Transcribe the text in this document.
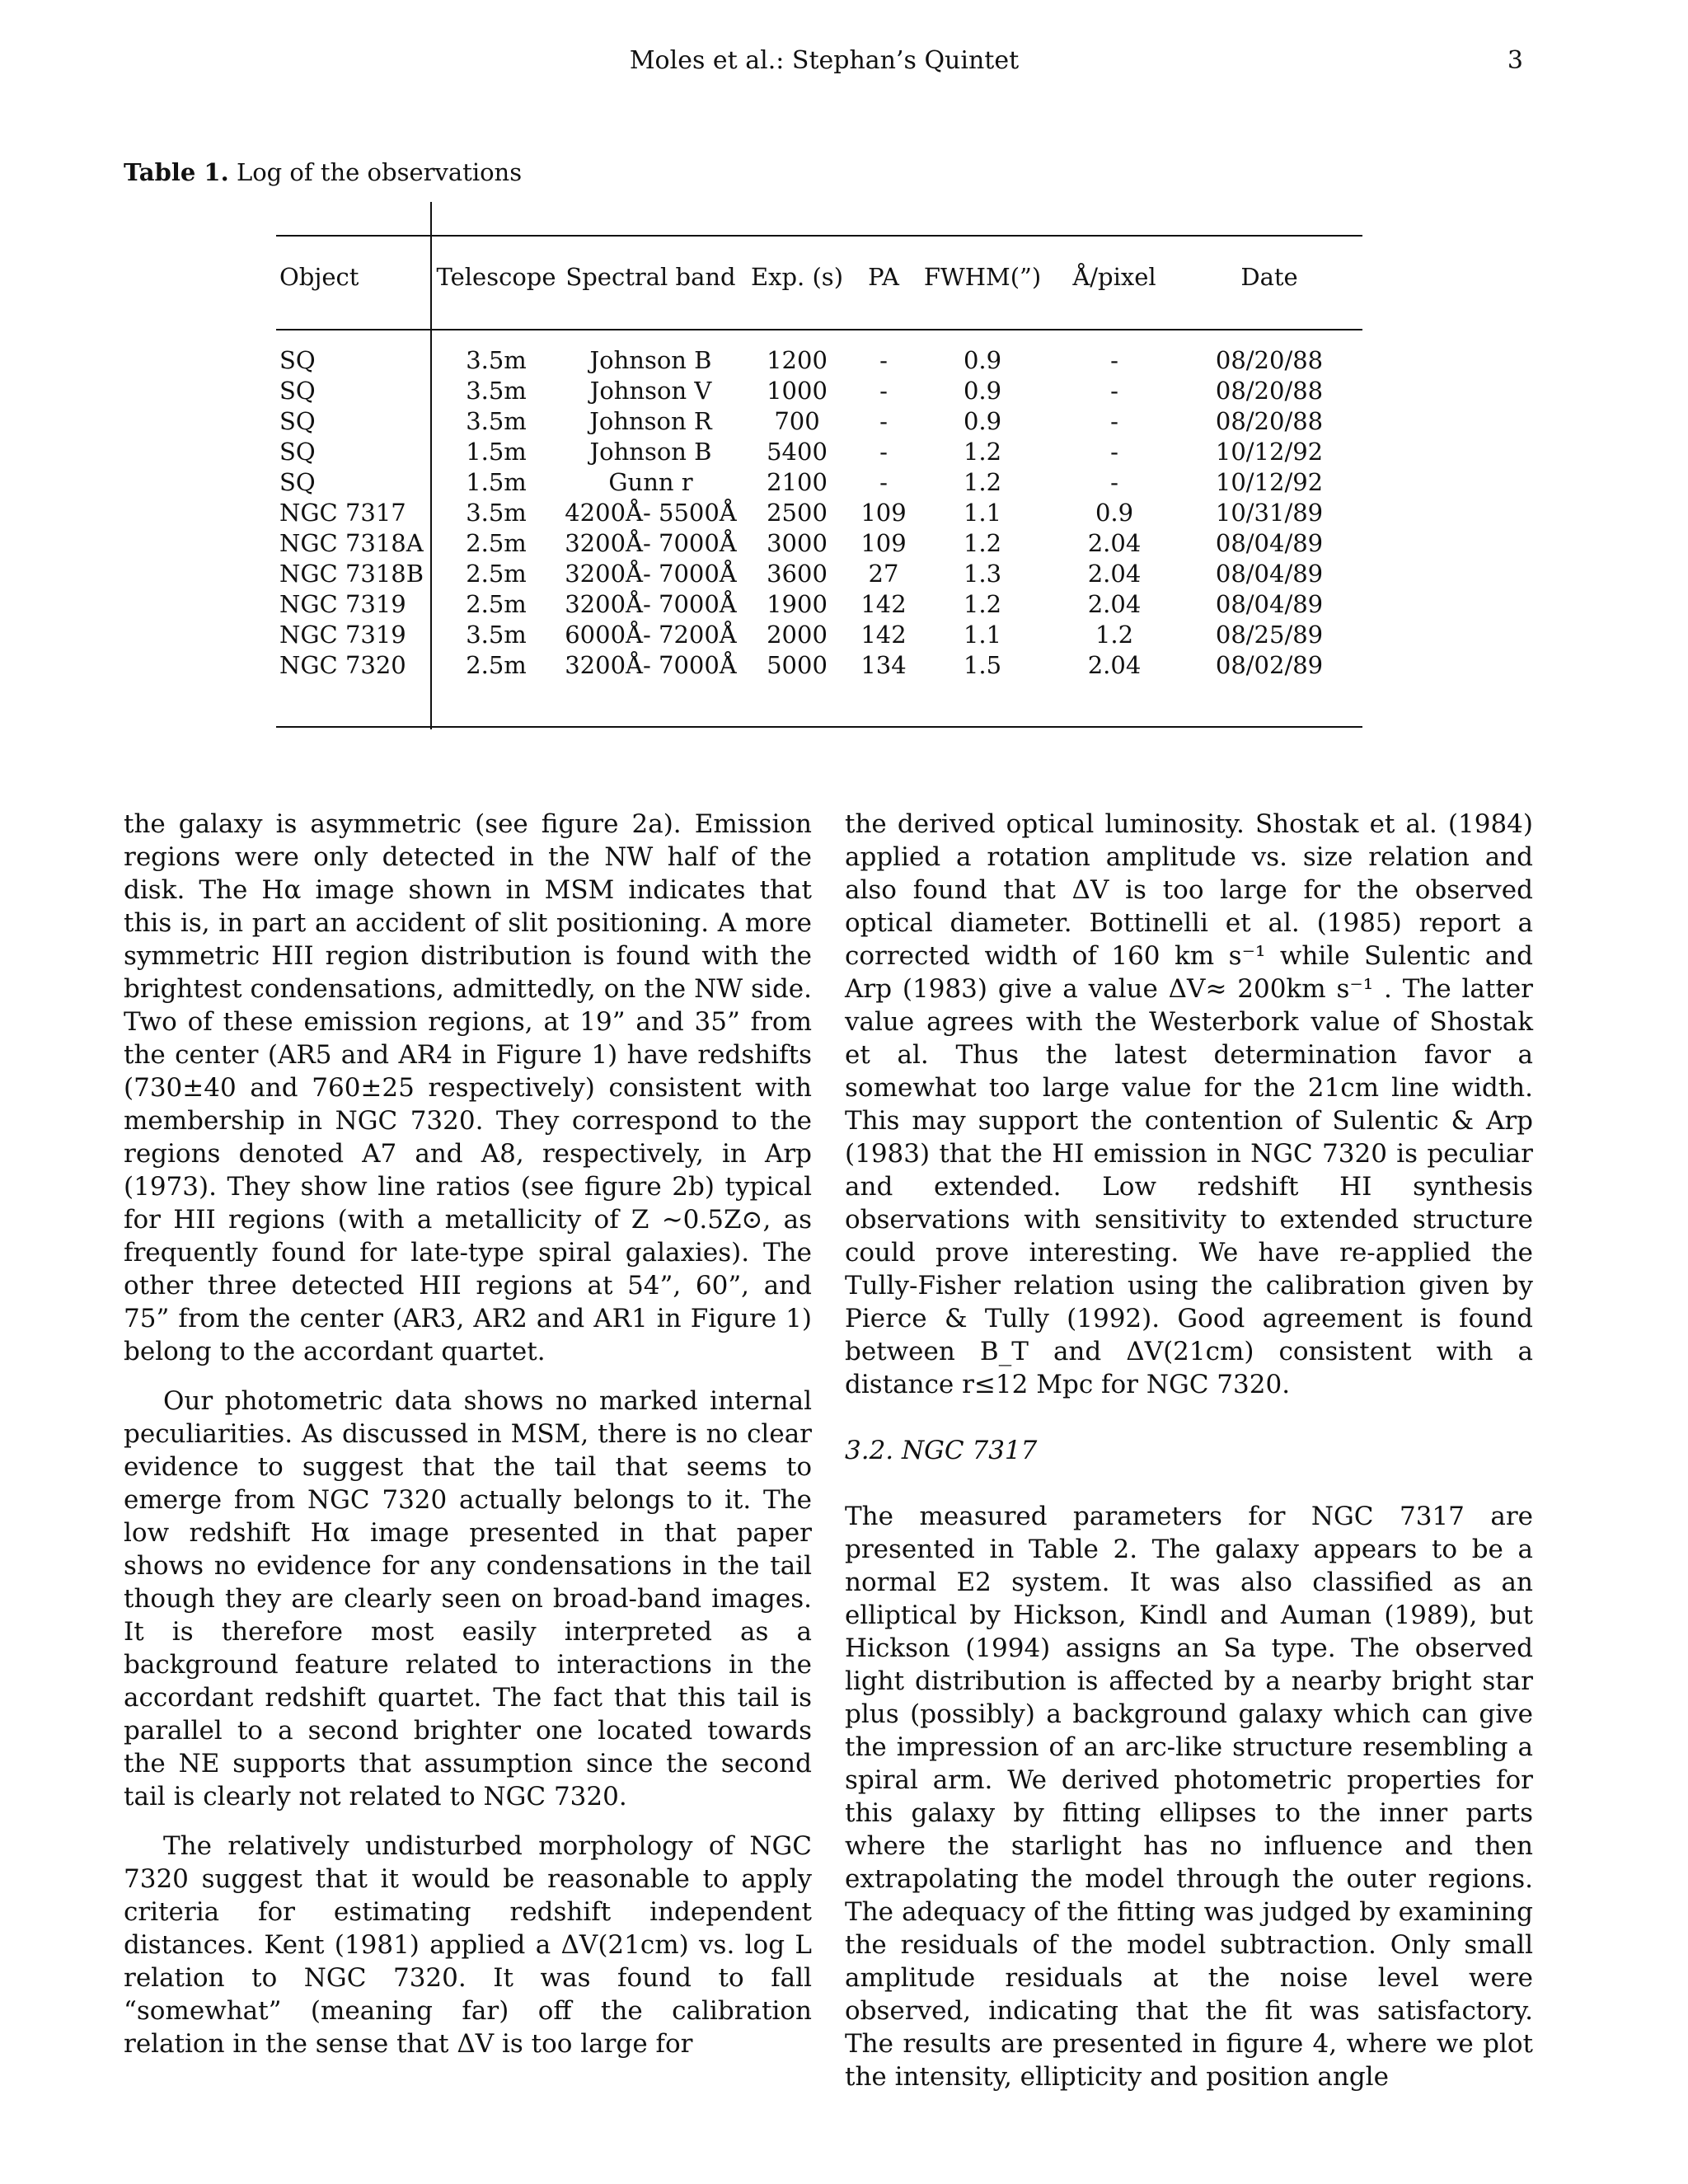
Moles et al.: Stephan’s Quintet	3
Table 1. Log of the observations
Object	Telescope	Spectral band	Exp. (s)	PA	FWHM(”)	Å/pixel	Date

SQ	3.5m	Johnson B	1200	-	0.9	-	08/20/88
SQ	3.5m	Johnson V	1000	-	0.9	-	08/20/88
SQ	3.5m	Johnson R	700	-	0.9	-	08/20/88
SQ	1.5m	Johnson B	5400	-	1.2	-	10/12/92
SQ	1.5m	Gunn r	2100	-	1.2	-	10/12/92
NGC 7317	3.5m	4200Å- 5500Å	2500	109	1.1	0.9	10/31/89
NGC 7318A	2.5m	3200Å- 7000Å	3000	109	1.2	2.04	08/04/89
NGC 7318B	2.5m	3200Å- 7000Å	3600	27	1.3	2.04	08/04/89
NGC 7319	2.5m	3200Å- 7000Å	1900	142	1.2	2.04	08/04/89
NGC 7319	3.5m	6000Å- 7200Å	2000	142	1.1	1.2	08/25/89
NGC 7320	2.5m	3200Å- 7000Å	5000	134	1.5	2.04	08/02/89

the galaxy is asymmetric (see figure 2a). Emission regions were only detected in the NW half of the disk. The Hα image shown in MSM indicates that this is, in part an accident of slit positioning. A more symmetric HII region distribution is found with the brightest condensations, admittedly, on the NW side. Two of these emission regions, at 19” and 35” from the center (AR5 and AR4 in Figure 1) have redshifts (730±40 and 760±25 respectively) consistent with membership in NGC 7320. They correspond to the regions denoted A7 and A8, respectively, in Arp (1973). They show line ratios (see figure 2b) typical for HII regions (with a metallicity of Z ∼0.5Z⊙, as frequently found for late-type spiral galaxies). The other three detected HII regions at 54”, 60”, and 75” from the center (AR3, AR2 and AR1 in Figure 1) belong to the accordant quartet.

Our photometric data shows no marked internal peculiarities. As discussed in MSM, there is no clear evidence to suggest that the tail that seems to emerge from NGC 7320 actually belongs to it. The low redshift Hα image presented in that paper shows no evidence for any condensations in the tail though they are clearly seen on broad-band images. It is therefore most easily interpreted as a background feature related to interactions in the accordant redshift quartet. The fact that this tail is parallel to a second brighter one located towards the NE supports that assumption since the second tail is clearly not related to NGC 7320.

The relatively undisturbed morphology of NGC 7320 suggest that it would be reasonable to apply criteria for estimating redshift independent distances. Kent (1981) applied a ΔV(21cm) vs. log L relation to NGC 7320. It was found to fall “somewhat” (meaning far) off the calibration relation in the sense that ΔV is too large for

the derived optical luminosity. Shostak et al. (1984) applied a rotation amplitude vs. size relation and also found that ΔV is too large for the observed optical diameter. Bottinelli et al. (1985) report a corrected width of 160 km s⁻¹ while Sulentic and Arp (1983) give a value ΔV≈ 200km s⁻¹ . The latter value agrees with the Westerbork value of Shostak et al. Thus the latest determination favor a somewhat too large value for the 21cm line width. This may support the contention of Sulentic & Arp (1983) that the HI emission in NGC 7320 is peculiar and extended. Low redshift HI synthesis observations with sensitivity to extended structure could prove interesting. We have re-applied the Tully-Fisher relation using the calibration given by Pierce & Tully (1992). Good agreement is found between B_T and ΔV(21cm) consistent with a distance r≤12 Mpc for NGC 7320.

3.2. NGC 7317

The measured parameters for NGC 7317 are presented in Table 2. The galaxy appears to be a normal E2 system. It was also classified as an elliptical by Hickson, Kindl and Auman (1989), but Hickson (1994) assigns an Sa type. The observed light distribution is affected by a nearby bright star plus (possibly) a background galaxy which can give the impression of an arc-like structure resembling a spiral arm. We derived photometric properties for this galaxy by fitting ellipses to the inner parts where the starlight has no influence and then extrapolating the model through the outer regions. The adequacy of the fitting was judged by examining the residuals of the model subtraction. Only small amplitude residuals at the noise level were observed, indicating that the fit was satisfactory. The results are presented in figure 4, where we plot the intensity, ellipticity and position angle
